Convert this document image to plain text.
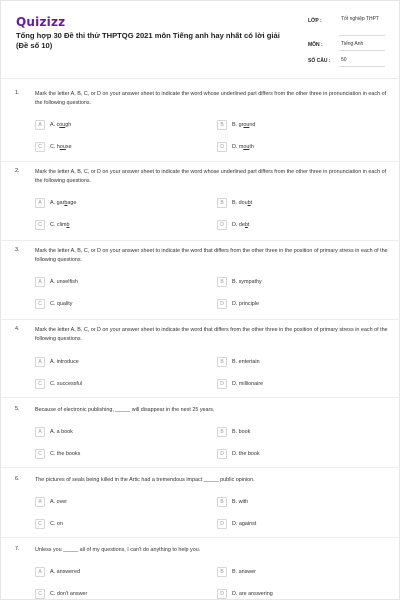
Quizizz
Tổng hợp 30 Đề thi thử THPTQG 2021 môn Tiếng anh hay nhất có lời giải (Đề số 10)
LỚP :	Tốt nghiệp THPT
MÔN :	Tiếng Anh
SỐ CÂU : 50
1.	Mark the letter A, B, C, or D on your answer sheet to indicate the word whose underlined part differs from the other three in pronunciation in each of the following questions.
A	A. cough	B	B. ground
C	C. house	D	D. mouth
2.	Mark the letter A, B, C, or D on your answer sheet to indicate the word whose underlined part differs from the other three in pronunciation in each of the following questions.
A	A. garbage	B	B. doubt
C	C. climb	D	D. debt
3.	Mark the letter A, B, C, or D on your answer sheet to indicate the word that differs from the other three in the position of primary stress in each of the following questions.
A	A. unselfish	B	B. sympathy
C	C. quality	D	D. principle
4.	Mark the letter A, B, C, or D on your answer sheet to indicate the word that differs from the other three in the position of primary stress in each of the following questions.
A	A. introduce	B	B. entertain
C	C. successful	D	D. millionaire
5.	Because of electronic publishing, _____ will disappear in the next 25 years.
A	A. a book	B	B. book
C	C. the books	D	D. the book
6.	The pictures of seals being killed in the Artic had a tremendous impact _____ public opinion.
A	A. over	B	B. with
C	C. on	D	D. against
7.	Unless you _____ all of my questions, I can't do anything to help you.
A	A. answered	B	B. answer
C	C. don't answer	D	D. are answering
